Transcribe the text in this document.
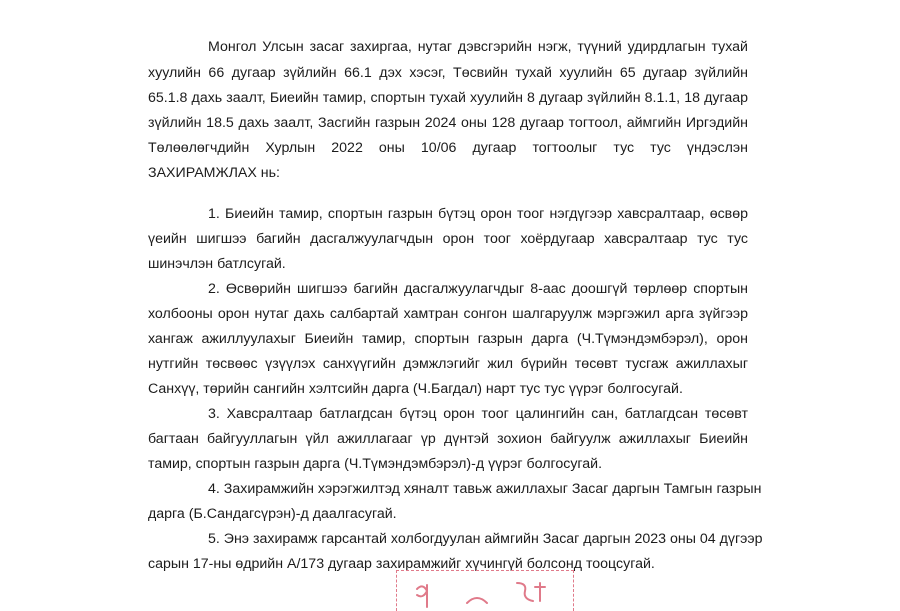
Монгол Улсын засаг захиргаа, нутаг дэвсгэрийн нэгж, түүний удирдлагын тухай
хуулийн 66 дугаар зүйлийн 66.1 дэх хэсэг, Төсвийн тухай хуулийн 65 дугаар зүйлийн
65.1.8 дахь заалт, Биеийн тамир, спортын тухай хуулийн 8 дугаар зүйлийн 8.1.1, 18 дугаар
зүйлийн 18.5 дахь заалт, Засгийн газрын 2024 оны 128 дугаар тогтоол, аймгийн Иргэдийн
Төлөөлөгчдийн Хурлын 2022 оны 10/06 дугаар тогтоолыг тус тус үндэслэн
ЗАХИРАМЖЛАХ нь:
1. Биеийн тамир, спортын газрын бүтэц орон тоог нэгдүгээр хавсралтаар, өсвөр
үеийн шигшээ багийн дасгалжуулагчдын орон тоог хоёрдугаар хавсралтаар тус тус
шинэчлэн батлсугай.
2. Өсвөрийн шигшээ багийн дасгалжуулагчдыг 8-аас доошгүй төрлөөр спортын
холбооны орон нутаг дахь салбартай хамтран сонгон шалгаруулж мэргэжил арга зүйгээр
хангаж ажиллуулахыг Биеийн тамир, спортын газрын дарга (Ч.Түмэндэмбэрэл), орон
нутгийн төсвөөс үзүүлэх санхүүгийн дэмжлэгийг жил бүрийн төсөвт тусгаж ажиллахыг
Санхүү, төрийн сангийн хэлтсийн дарга (Ч.Багдал) нарт тус тус үүрэг болгосугай.
3. Хавсралтаар батлагдсан бүтэц орон тоог цалингийн сан, батлагдсан төсөвт
багтаан байгууллагын үйл ажиллагааг үр дүнтэй зохион байгуулж ажиллахыг Биеийн
тамир, спортын газрын дарга (Ч.Түмэндэмбэрэл)-д үүрэг болгосугай.
4. Захирамжийн хэрэгжилтэд хяналт тавьж ажиллахыг Засаг даргын Тамгын газрын
дарга (Б.Сандагсүрэн)-д даалгасугай.
5. Энэ захирамж гарсантай холбогдуулан аймгийн Засаг даргын 2023 оны 04 дүгээр
сарын 17-ны өдрийн А/173 дугаар захирамжийг хүчингүй болсонд тооцсугай.
